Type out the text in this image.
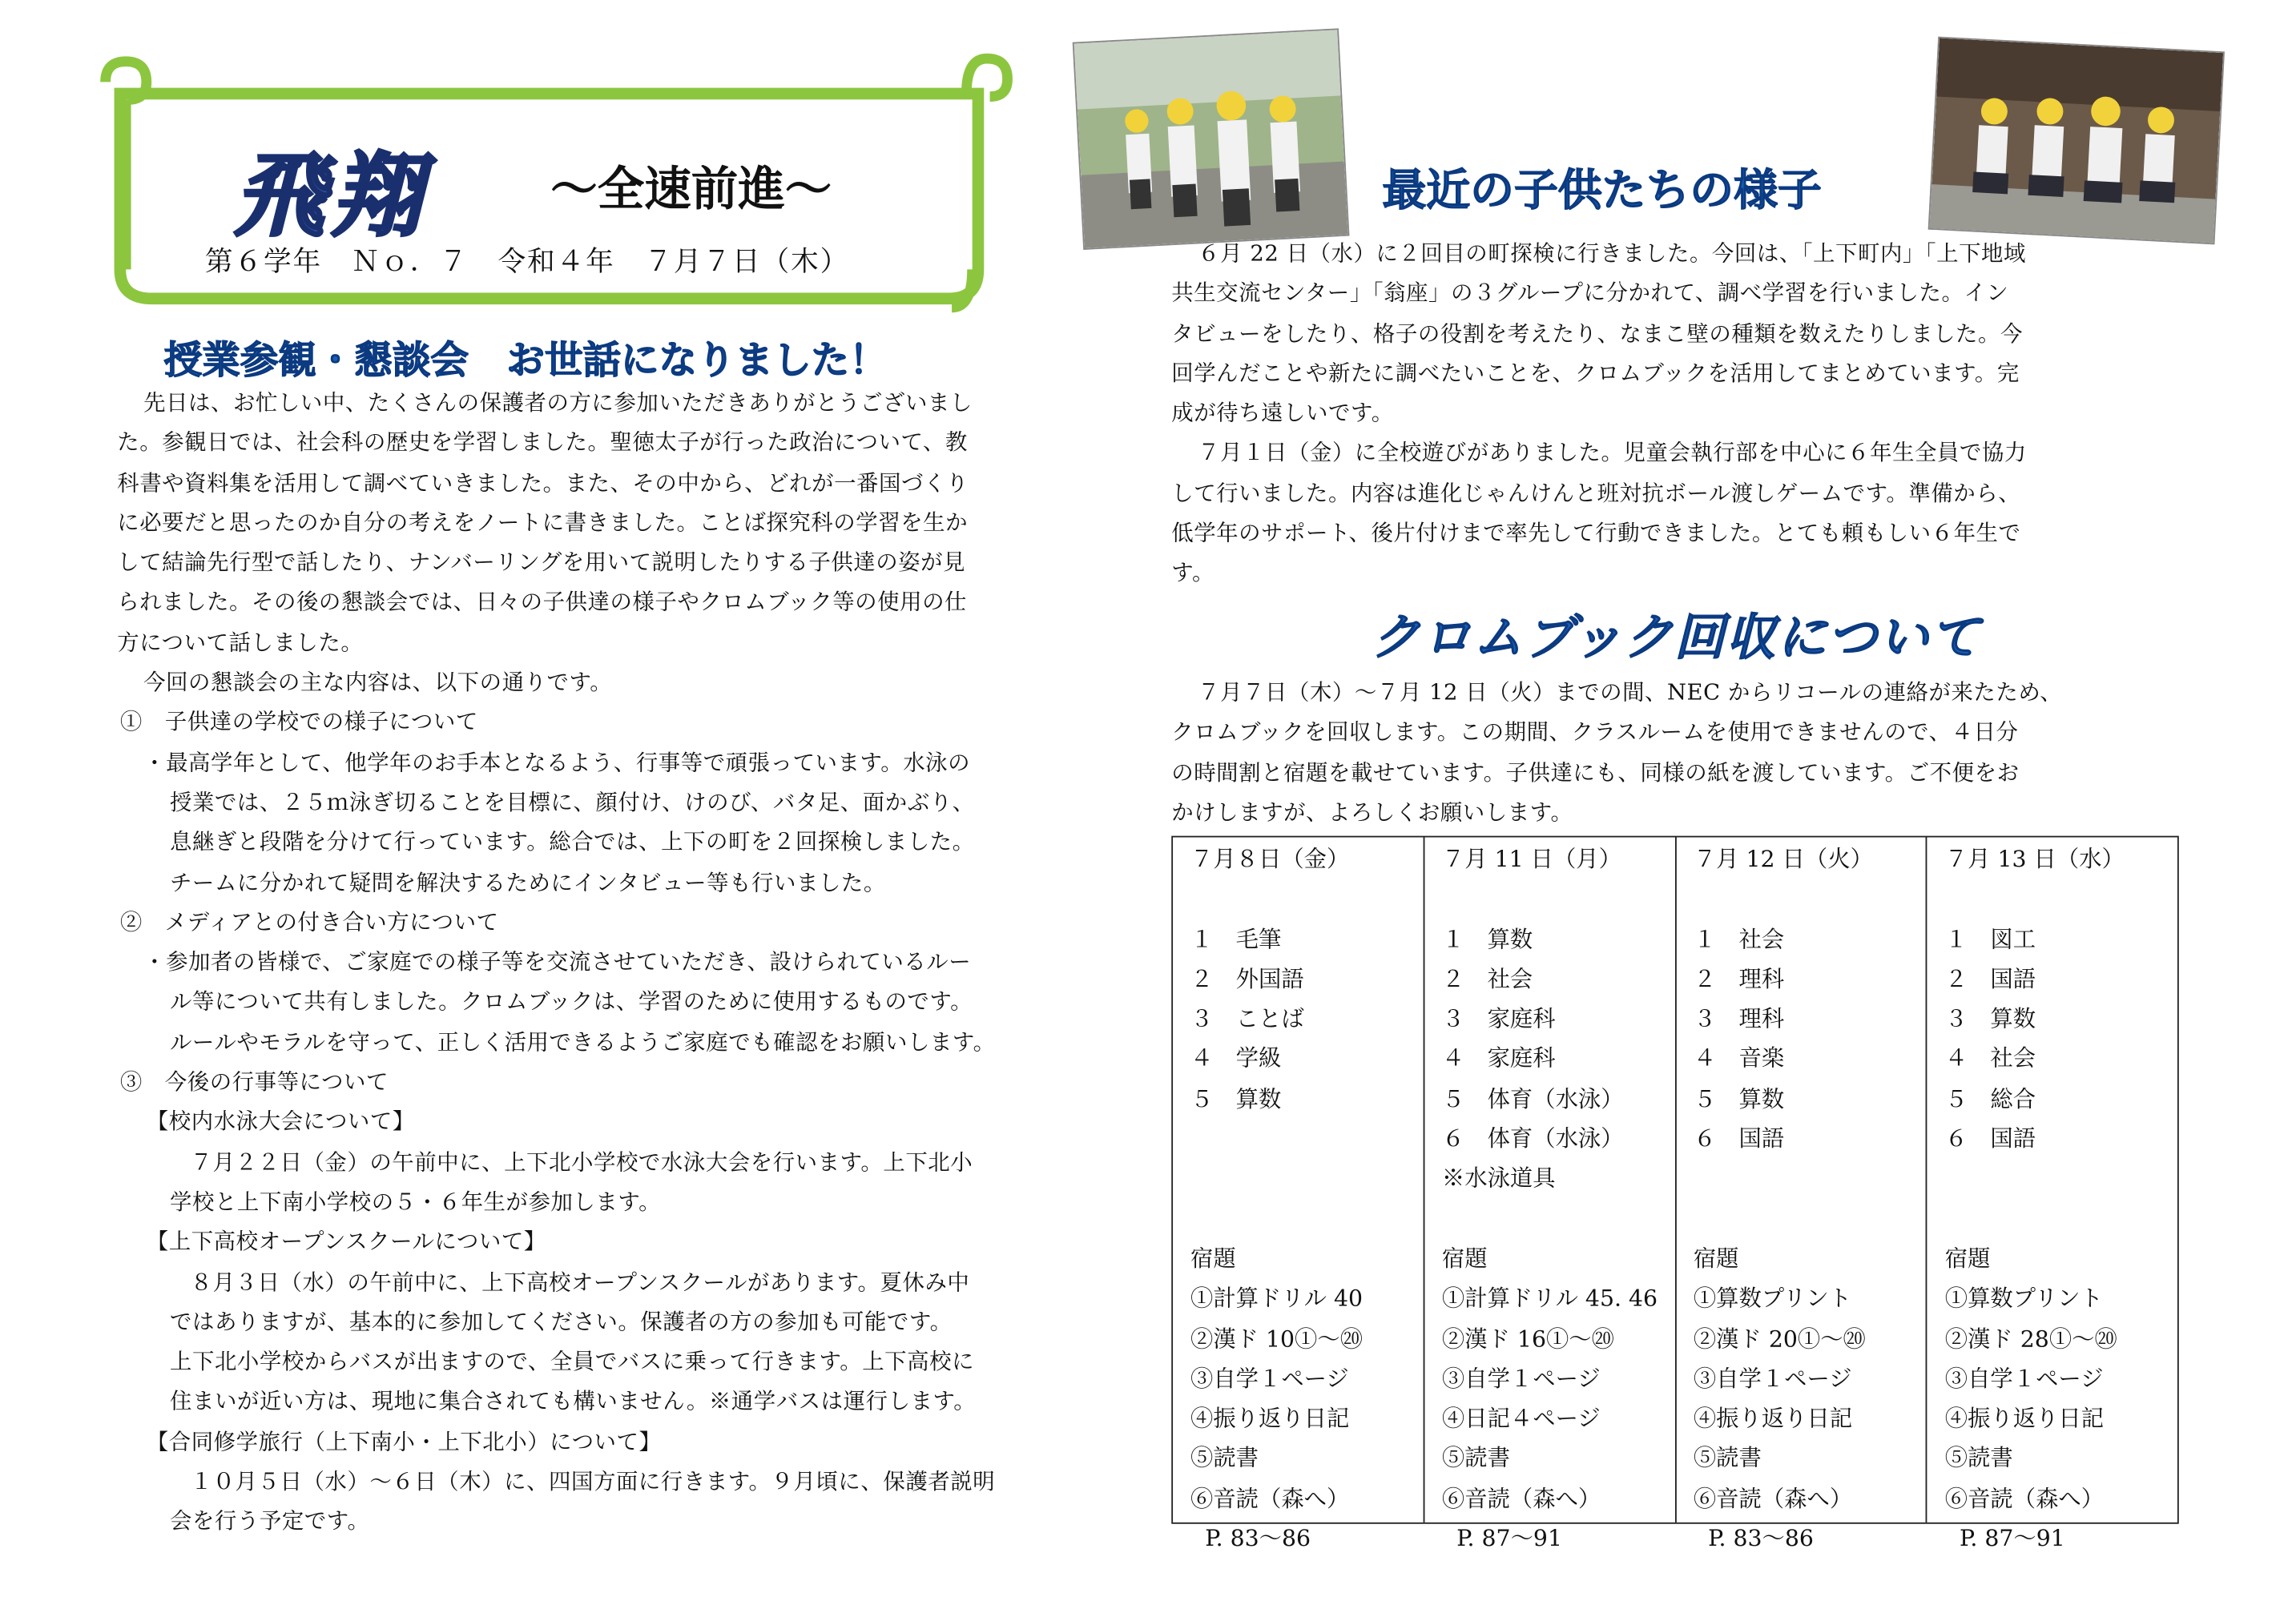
飛翔	～全速前進～
第６学年　Ｎｏ．７　令和４年　７月７日（木）
授業参観・懇談会　お世話になりました！
最近の子供たちの様子
クロムブック回収について

先日は、お忙しい中、たくさんの保護者の方に参加いただきありがとうございまし

た。参観日では、社会科の歴史を学習しました。聖徳太子が行った政治について、教

科書や資料集を活用して調べていきました。また、その中から、どれが一番国づくり

に必要だと思ったのか自分の考えをノートに書きました。ことば探究科の学習を生か

して結論先行型で話したり、ナンバーリングを用いて説明したりする子供達の姿が見

られました。その後の懇談会では、日々の子供達の様子やクロムブック等の使用の仕

方について話しました。

今回の懇談会の主な内容は、以下の通りです。

①　子供達の学校での様子について

・最高学年として、他学年のお手本となるよう、行事等で頑張っています。水泳の

授業では、２５ｍ泳ぎ切ることを目標に、顔付け、けのび、バタ足、面かぶり、

息継ぎと段階を分けて行っています。総合では、上下の町を２回探検しました。

チームに分かれて疑問を解決するためにインタビュー等も行いました。

②　メディアとの付き合い方について

・参加者の皆様で、ご家庭での様子等を交流させていただき、設けられているルー

ル等について共有しました。クロムブックは、学習のために使用するものです。

ルールやモラルを守って、正しく活用できるようご家庭でも確認をお願いします。

③　今後の行事等について

【校内水泳大会について】

７月２２日（金）の午前中に、上下北小学校で水泳大会を行います。上下北小

学校と上下南小学校の５・６年生が参加します。

【上下高校オープンスクールについて】

８月３日（水）の午前中に、上下高校オープンスクールがあります。夏休み中

ではありますが、基本的に参加してください。保護者の方の参加も可能です。

上下北小学校からバスが出ますので、全員でバスに乗って行きます。上下高校に

住まいが近い方は、現地に集合されても構いません。※通学バスは運行します。

【合同修学旅行（上下南小・上下北小）について】

１０月５日（水）～６日（木）に、四国方面に行きます。９月頃に、保護者説明

会を行う予定です。

６月 22 日（水）に２回目の町探検に行きました。今回は、「上下町内」「上下地域

共生交流センター」「翁座」の３グループに分かれて、調べ学習を行いました。イン

タビューをしたり、格子の役割を考えたり、なまこ壁の種類を数えたりしました。今

回学んだことや新たに調べたいことを、クロムブックを活用してまとめています。完

成が待ち遠しいです。

７月１日（金）に全校遊びがありました。児童会執行部を中心に６年生全員で協力

して行いました。内容は進化じゃんけんと班対抗ボール渡しゲームです。準備から、

低学年のサポート、後片付けまで率先して行動できました。とても頼もしい６年生で

す。

７月７日（木）～７月 12 日（火）までの間、NEC からリコールの連絡が来たため、

クロムブックを回収します。この期間、クラスルームを使用できませんので、４日分

の時間割と宿題を載せています。子供達にも、同様の紙を渡しています。ご不便をお

かけしますが、よろしくお願いします。

７月８日（金）
１　毛筆
２　外国語
３　ことば
４　学級
５　算数
宿題
①計算ドリル 40
②漢ド 10①～⑳
③自学１ページ
④振り返り日記
⑤読書
⑥音読（森へ）
P. 83～86
７月 11 日（月）
１　算数
２　社会
３　家庭科
４　家庭科
５　体育（水泳）
６　体育（水泳）
※水泳道具
宿題
①計算ドリル 45. 46
②漢ド 16①～⑳
③自学１ページ
④日記４ページ
⑤読書
⑥音読（森へ）
P. 87～91
７月 12 日（火）
１　社会
２　理科
３　理科
４　音楽
５　算数
６　国語
宿題
①算数プリント
②漢ド 20①～⑳
③自学１ページ
④振り返り日記
⑤読書
⑥音読（森へ）
P. 83～86
７月 13 日（水）
１　図工
２　国語
３　算数
４　社会
５　総合
６　国語
宿題
①算数プリント
②漢ド 28①～⑳
③自学１ページ
④振り返り日記
⑤読書
⑥音読（森へ）
P. 87～91
